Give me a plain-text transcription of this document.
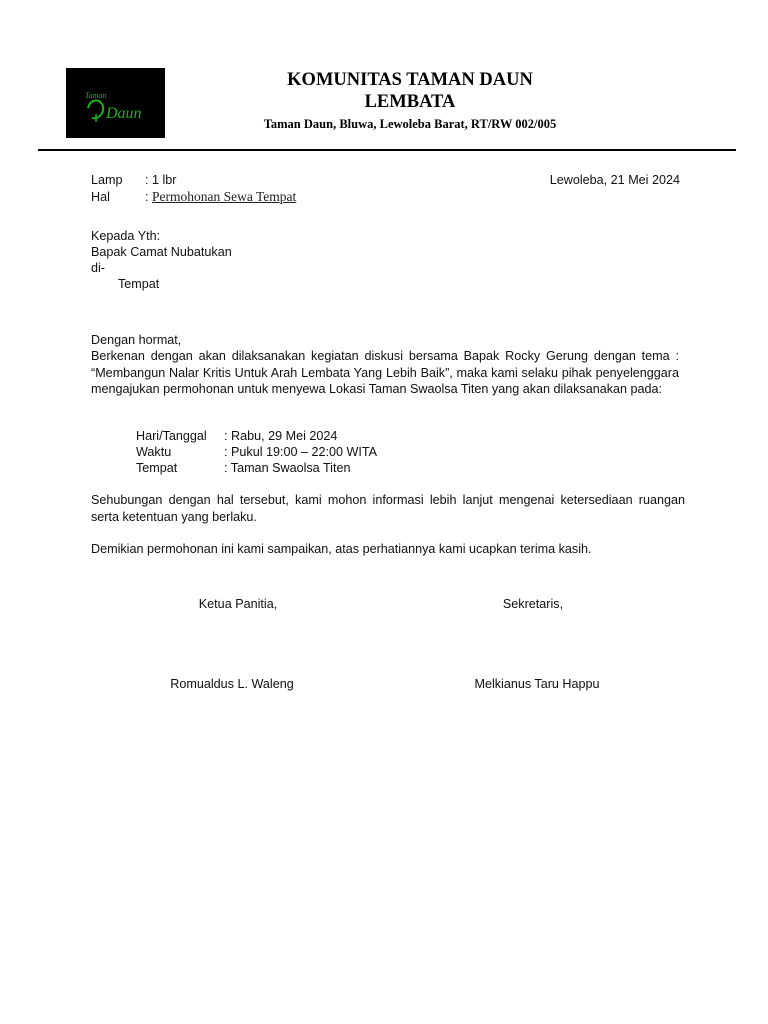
Taman
Daun
KOMUNITAS TAMAN DAUN
LEMBATA
Taman Daun, Bluwa, Lewoleba Barat, RT/RW 002/005
Lamp : 1 lbr	Lewoleba, 21 Mei 2024
Hal	: Permohonan Sewa Tempat
Kepada Yth:
Bapak Camat Nubatukan
di-
Tempat
Dengan hormat,
Berkenan dengan akan dilaksanakan kegiatan diskusi bersama Bapak Rocky Gerung dengan tema : “Membangun Nalar Kritis Untuk Arah Lembata Yang Lebih Baik”, maka kami selaku pihak penyelenggara mengajukan permohonan untuk menyewa Lokasi Taman Swaolsa Titen yang akan dilaksanakan pada:
Hari/Tanggal : Rabu, 29 Mei 2024
Waktu	: Pukul 19:00 – 22:00 WITA
Tempat	: Taman Swaolsa Titen
Sehubungan dengan hal tersebut, kami mohon informasi lebih lanjut mengenai ketersediaan ruangan serta ketentuan yang berlaku.
Demikian permohonan ini kami sampaikan, atas perhatiannya kami ucapkan terima kasih.
Ketua Panitia,
Romualdus L. Waleng
Sekretaris,
Melkianus Taru Happu
